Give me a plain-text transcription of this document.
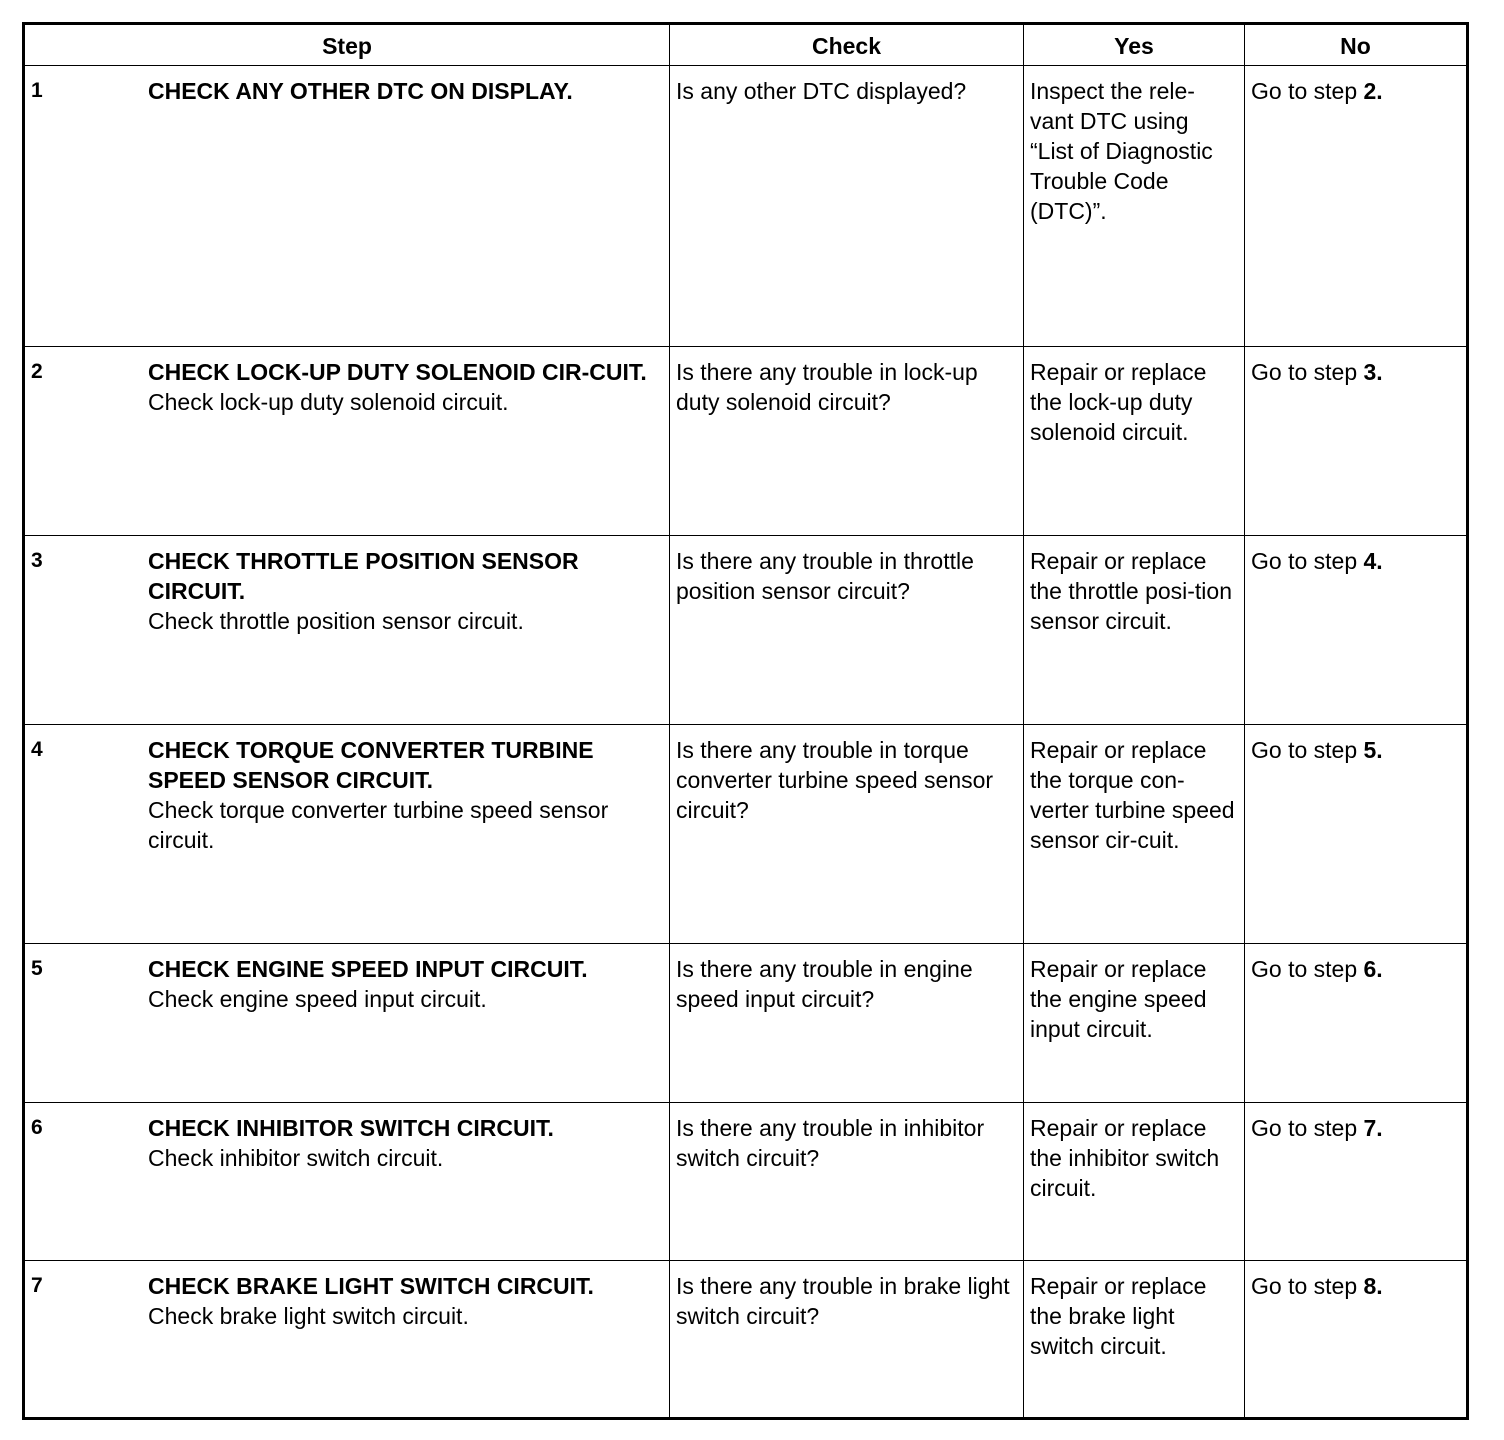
Step	Check	Yes	No

1 CHECK ANY OTHER DTC ON DISPLAY.	Is any other DTC displayed?	Inspect the rele-vant DTC using “List of Diagnostic Trouble Code (DTC)”.	Go to step 2.

2 CHECK LOCK-UP DUTY SOLENOID CIR-CUIT.
Check lock-up duty solenoid circuit.	Is there any trouble in lock-up duty solenoid circuit?	Repair or replace the lock-up duty solenoid circuit.	Go to step 3.

3 CHECK THROTTLE POSITION SENSOR CIRCUIT.
Check throttle position sensor circuit.	Is there any trouble in throttle position sensor circuit?	Repair or replace the throttle posi-tion sensor circuit.	Go to step 4.

4 CHECK TORQUE CONVERTER TURBINE SPEED SENSOR CIRCUIT.
Check torque converter turbine speed sensor circuit.	Is there any trouble in torque converter turbine speed sensor circuit?	Repair or replace the torque con-verter turbine speed sensor cir-cuit.	Go to step 5.

5 CHECK ENGINE SPEED INPUT CIRCUIT.
Check engine speed input circuit.	Is there any trouble in engine speed input circuit?	Repair or replace the engine speed input circuit.	Go to step 6.

6 CHECK INHIBITOR SWITCH CIRCUIT.
Check inhibitor switch circuit.	Is there any trouble in inhibitor switch circuit?	Repair or replace the inhibitor switch circuit.	Go to step 7.

7 CHECK BRAKE LIGHT SWITCH CIRCUIT.
Check brake light switch circuit.	Is there any trouble in brake light switch circuit?	Repair or replace the brake light switch circuit.	Go to step 8.
